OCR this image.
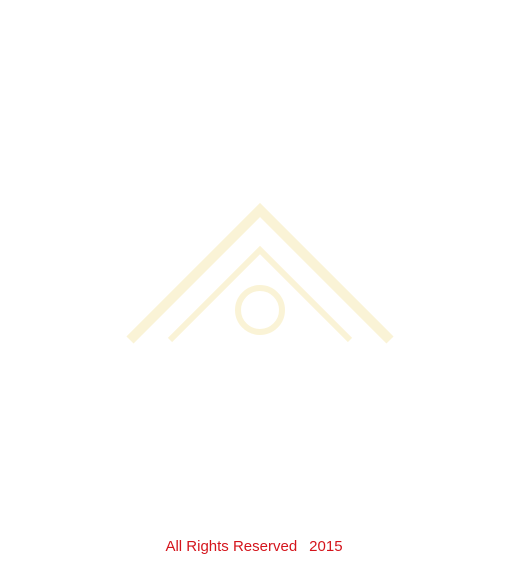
All Rights Reserved 2015
